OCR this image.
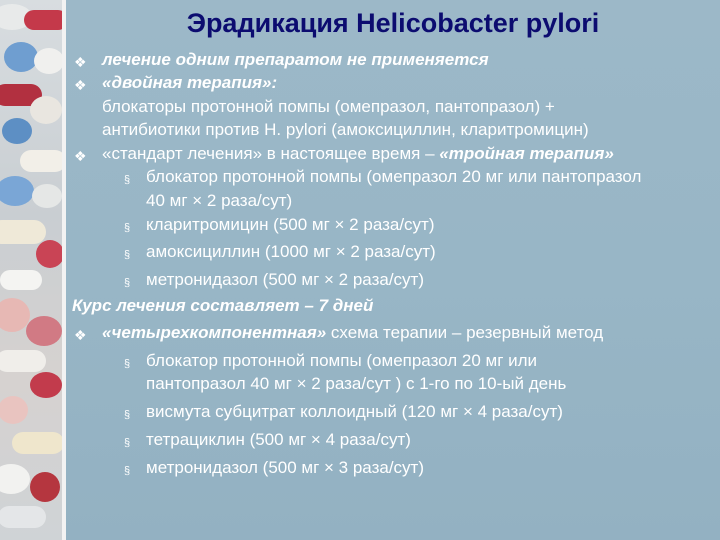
Эрадикация Helicobacter pylori
❖ лечение одним препаратом не применяется
❖ «двойная терапия»:
блокаторы протонной помпы (омепразол, пантопразол) +
антибиотики против H. pylori (амоксициллин, кларитромицин)
❖ «стандарт лечения» в настоящее время – «тройная терапия»
§ блокатор протонной помпы (омепразол 20 мг или пантопразол
40 мг × 2 раза/сут)
§ кларитромицин (500 мг × 2 раза/сут)
§ амоксициллин (1000 мг × 2 раза/сут)
§ метронидазол (500 мг × 2 раза/сут)
Курс лечения составляет – 7 дней
❖ «четырехкомпонентная» схема терапии – резервный метод
§ блокатор протонной помпы (омепразол 20 мг или
пантопразол 40 мг × 2 раза/сут ) с 1-го по 10-ый день
§ висмута субцитрат коллоидный (120 мг × 4 раза/сут)
§ тетрациклин (500 мг × 4 раза/сут)
§ метронидазол (500 мг × 3 раза/сут)
